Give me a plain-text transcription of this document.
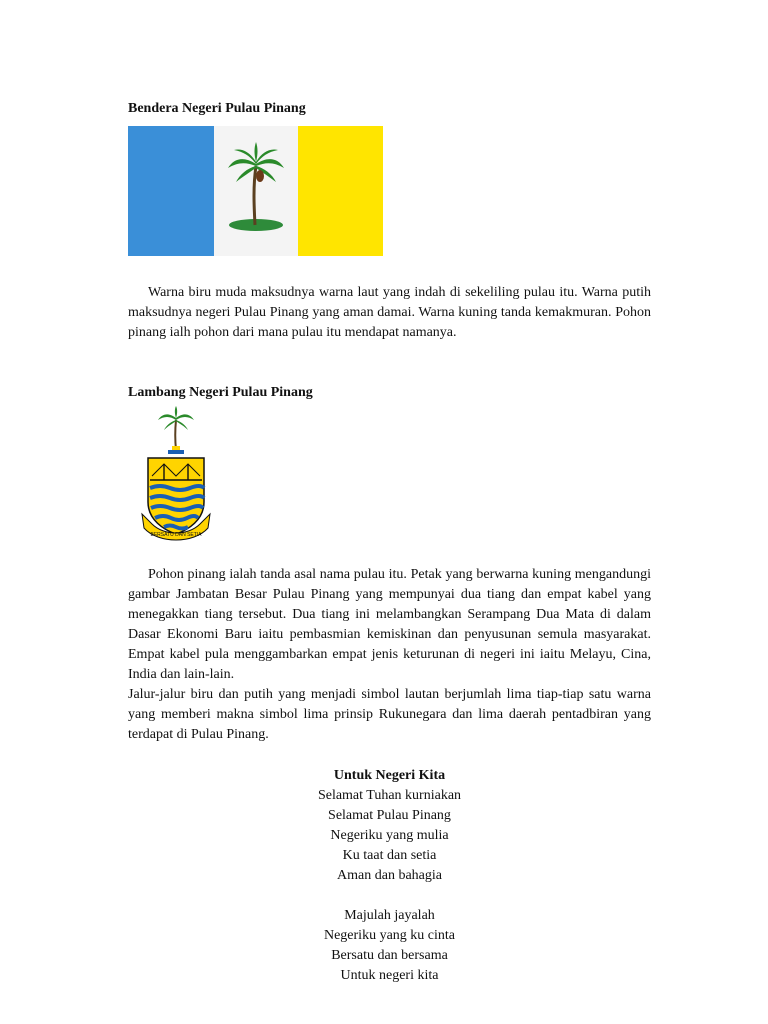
Bendera Negeri Pulau Pinang

Warna biru muda maksudnya warna laut yang indah di sekeliling pulau itu. Warna putih maksudnya negeri Pulau Pinang yang aman damai. Warna kuning tanda kemakmuran. Pohon pinang ialh pohon dari mana pulau itu mendapat namanya.

Lambang Negeri Pulau Pinang
BERSATU DAN SETIA

Pohon pinang ialah tanda asal nama pulau itu. Petak yang berwarna kuning mengandungi gambar Jambatan Besar Pulau Pinang yang mempunyai dua tiang dan empat kabel yang menegakkan tiang tersebut. Dua tiang ini melambangkan Serampang Dua Mata di dalam Dasar Ekonomi Baru iaitu pembasmian kemiskinan dan penyusunan semula masyarakat. Empat kabel pula menggambarkan empat jenis keturunan di negeri ini iaitu Melayu, Cina, India dan lain-lain.

Jalur-jalur biru dan putih yang menjadi simbol lautan berjumlah lima tiap-tiap satu warna yang memberi makna simbol lima prinsip Rukunegara dan lima daerah pentadbiran yang terdapat di Pulau Pinang.

Untuk Negeri Kita
Selamat Tuhan kurniakan
Selamat Pulau Pinang
Negeriku yang mulia
Ku taat dan setia
Aman dan bahagia
Majulah jayalah
Negeriku yang ku cinta
Bersatu dan bersama
Untuk negeri kita
